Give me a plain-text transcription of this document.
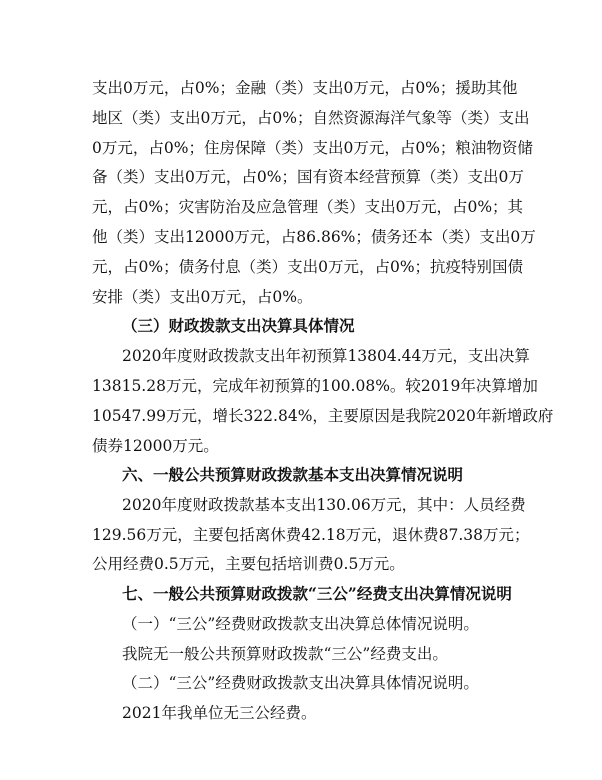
支出0万元，占0%；金融（类）支出0万元，占0%；援助其他
地区（类）支出0万元，占0%；自然资源海洋气象等（类）支出
0万元，占0%；住房保障（类）支出0万元，占0%；粮油物资储
备（类）支出0万元，占0%；国有资本经营预算（类）支出0万
元，占0%；灾害防治及应急管理（类）支出0万元，占0%；其
他（类）支出12000万元，占86.86%；债务还本（类）支出0万
元，占0%；债务付息（类）支出0万元，占0%；抗疫特别国债
安排（类）支出0万元，占0%。
（三）财政拨款支出决算具体情况
2020年度财政拨款支出年初预算13804.44万元，支出决算
13815.28万元，完成年初预算的100.08%。较2019年决算增加
10547.99万元，增长322.84%，主要原因是我院2020年新增政府
债券12000万元。
六、一般公共预算财政拨款基本支出决算情况说明
2020年度财政拨款基本支出130.06万元，其中：人员经费
129.56万元，主要包括离休费42.18万元，退休费87.38万元；
公用经费0.5万元，主要包括培训费0.5万元。
七、一般公共预算财政拨款“三公”经费支出决算情况说明
（一）“三公”经费财政拨款支出决算总体情况说明。
我院无一般公共预算财政拨款“三公”经费支出。
（二）“三公”经费财政拨款支出决算具体情况说明。
2021年我单位无三公经费。
